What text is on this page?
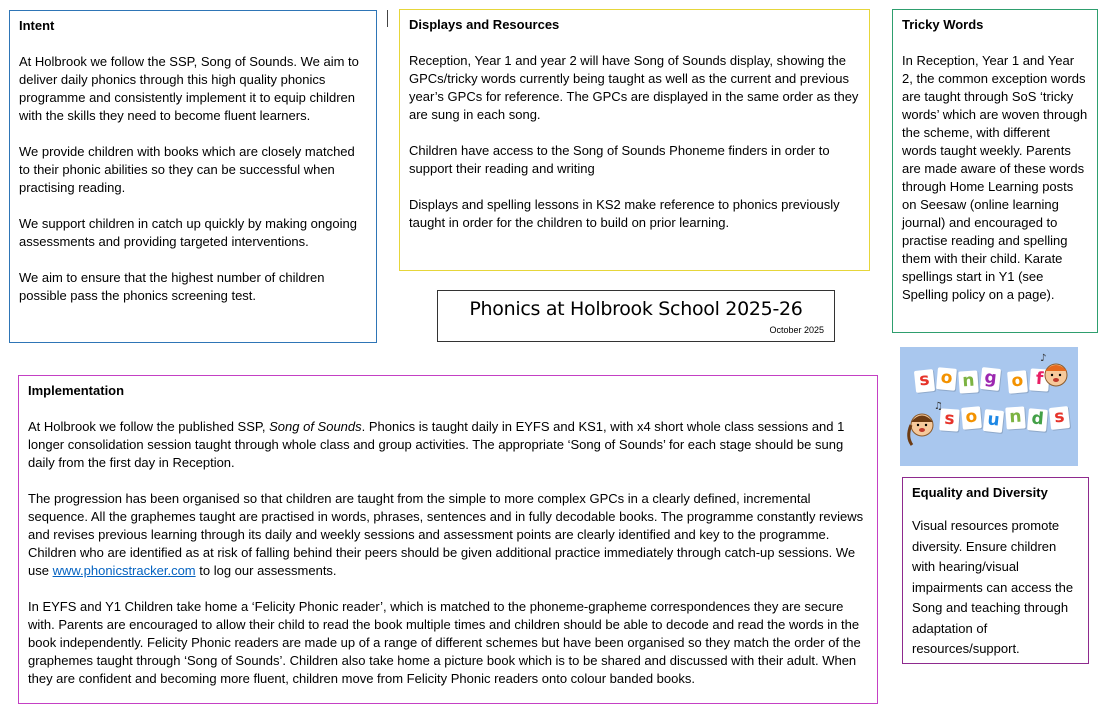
Intent

At Holbrook we follow the SSP, Song of Sounds. We aim to deliver daily phonics through this high quality phonics programme and consistently implement it to equip children with the skills they need to become fluent learners.

We provide children with books which are closely matched to their phonic abilities so they can be successful when practising reading.

We support children in catch up quickly by making ongoing assessments and providing targeted interventions.

We aim to ensure that the highest number of children possible pass the phonics screening test.

Displays and Resources

Reception, Year 1 and year 2 will have Song of Sounds display, showing the GPCs/tricky words currently being taught as well as the current and previous year’s GPCs for reference. The GPCs are displayed in the same order as they are sung in each song.

Children have access to the Song of Sounds Phoneme finders in order to support their reading and writing

Displays and spelling lessons in KS2 make reference to phonics previously taught in order for the children to build on prior learning.

Tricky Words

In Reception, Year 1 and Year 2, the common exception words are taught through SoS ‘tricky words’ which are woven through the scheme, with different words taught weekly. Parents are made aware of these words through Home Learning posts on Seesaw (online learning journal) and encouraged to practise reading and spelling them with their child. Karate spellings start in Y1 (see Spelling policy on a page).

Phonics at Holbrook School 2025-26
October 2025
s o n g o f
s o u n d s
♪
♫
Implementation

At Holbrook we follow the published SSP, Song of Sounds. Phonics is taught daily in EYFS and KS1, with x4 short whole class sessions and 1 longer consolidation session taught through whole class and group activities. The appropriate ‘Song of Sounds’ for each stage should be sung daily from the first day in Reception.

The progression has been organised so that children are taught from the simple to more complex GPCs in a clearly defined, incremental sequence. All the graphemes taught are practised in words, phrases, sentences and in fully decodable books. The programme constantly reviews and revises previous learning through its daily and weekly sessions and assessment points are clearly identified and key to the programme. Children who are identified as at risk of falling behind their peers should be given additional practice immediately through catch-up sessions. We use www.phonicstracker.com to log our assessments.

In EYFS and Y1 Children take home a ‘Felicity Phonic reader’, which is matched to the phoneme-grapheme correspondences they are secure with. Parents are encouraged to allow their child to read the book multiple times and children should be able to decode and read the words in the book independently. Felicity Phonic readers are made up of a range of different schemes but have been organised so they match the order of the graphemes taught through ‘Song of Sounds’. Children also take home a picture book which is to be shared and discussed with their adult. When they are confident and becoming more fluent, children move from Felicity Phonic readers onto colour banded books.

Equality and Diversity

Visual resources promote diversity. Ensure children with hearing/visual impairments can access the Song and teaching through adaptation of resources/support.
